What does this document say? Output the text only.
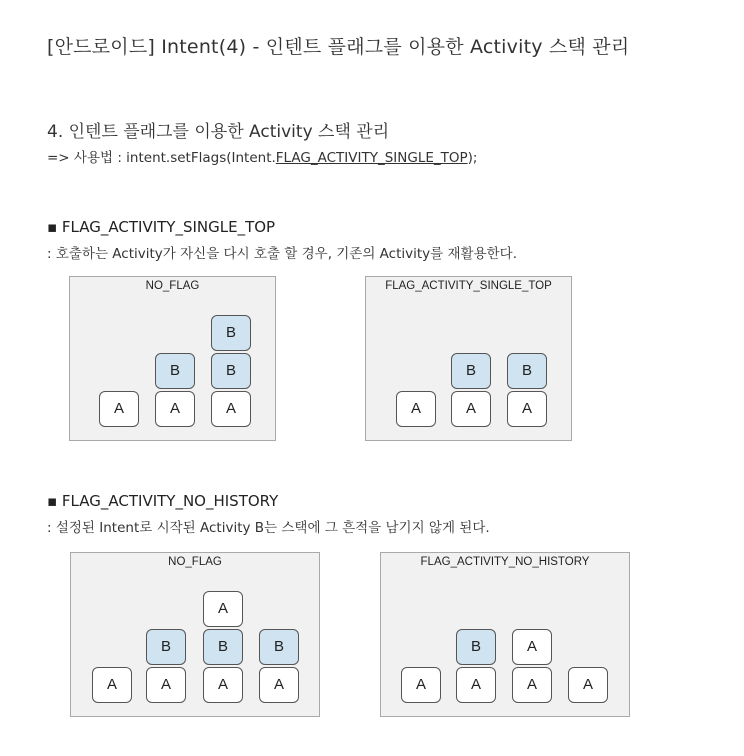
[안드로이드] Intent(4) - 인텐트 플래그를 이용한 Activity 스택 관리
4. 인텐트 플래그를 이용한 Activity 스택 관리
=> 사용법 : intent.setFlags(Intent.FLAG_ACTIVITY_SINGLE_TOP);
▪ FLAG_ACTIVITY_SINGLE_TOP
: 호출하는 Activity가 자신을 다시 호출 할 경우, 기존의 Activity를 재활용한다.
NO_FLAG
A	A
B
A
B
B
FLAG_ACTIVITY_SINGLE_TOP
A	A
B
A
B
▪ FLAG_ACTIVITY_NO_HISTORY
: 설정된 Intent로 시작된 Activity B는 스택에 그 흔적을 남기지 않게 된다.
NO_FLAG
A	A
B
A
B
A
A
B
FLAG_ACTIVITY_NO_HISTORY
A	A
B
A
A
A
